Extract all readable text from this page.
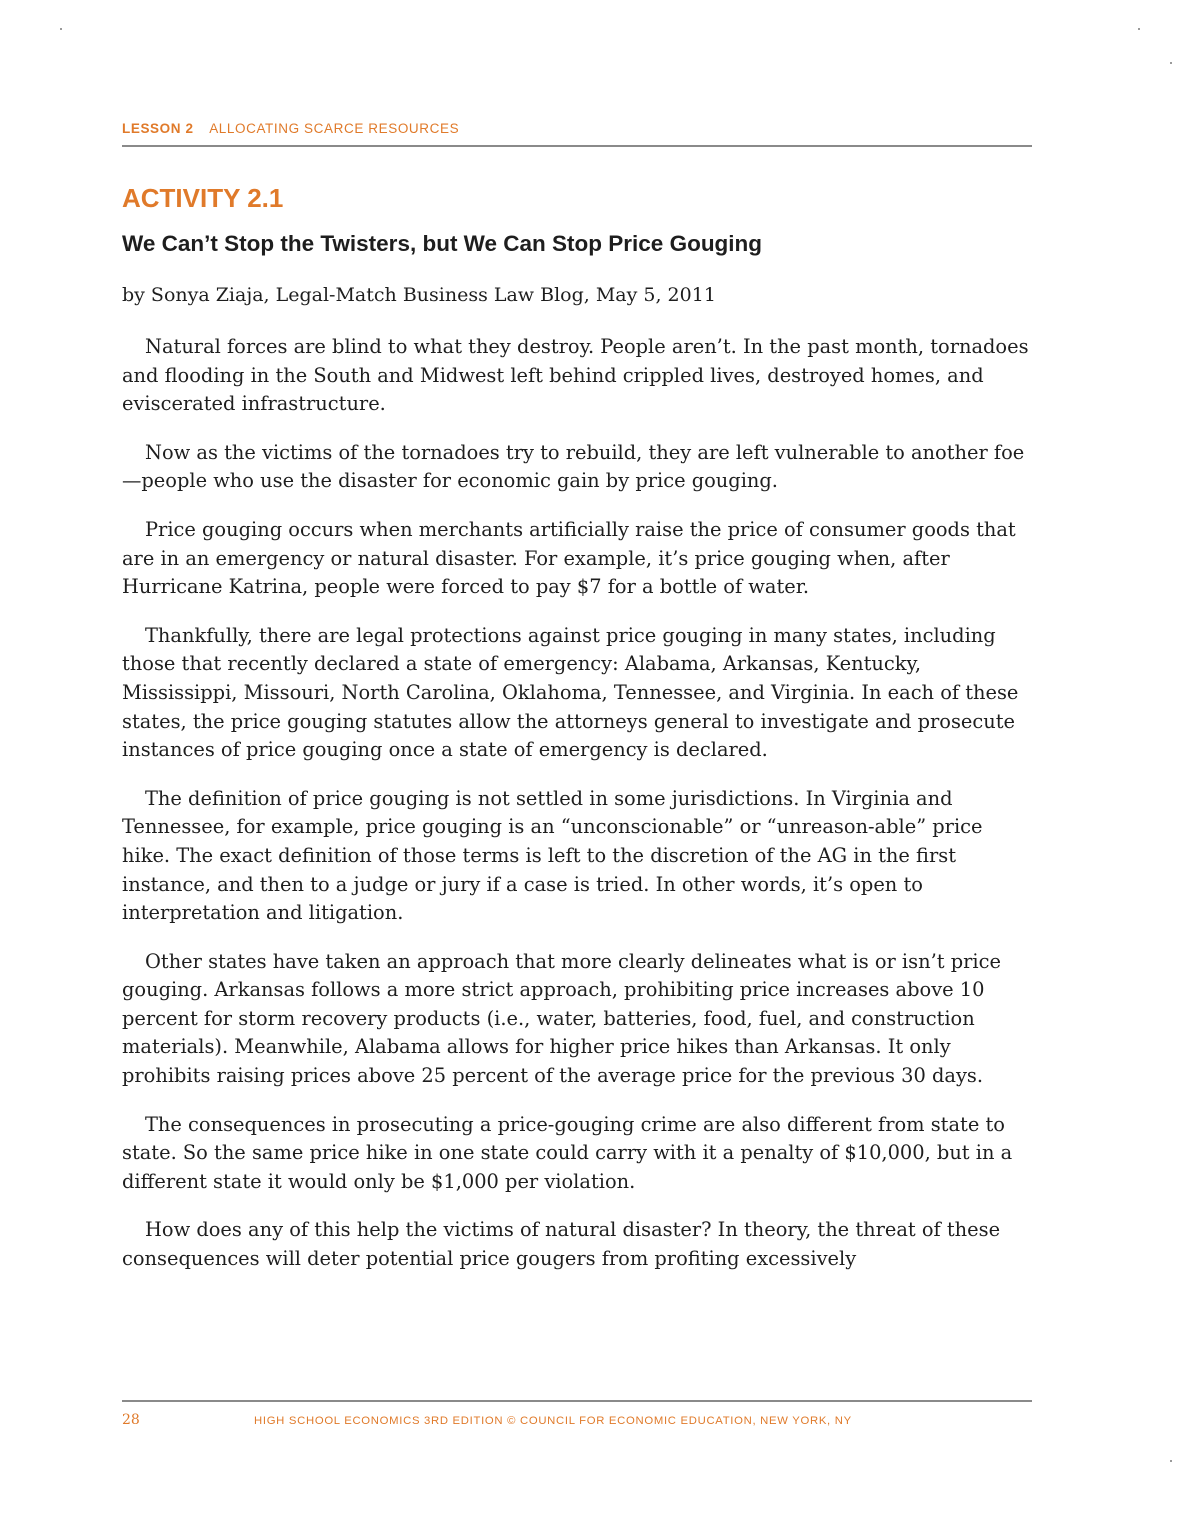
LESSON 2 ALLOCATING SCARCE RESOURCES
ACTIVITY 2.1
We Can’t Stop the Twisters, but We Can Stop Price Gouging
by Sonya Ziaja, Legal-Match Business Law Blog, May 5, 2011

Natural forces are blind to what they destroy. People aren’t. In the past month, tornadoes and flooding in the South and Midwest left behind crippled lives, destroyed homes, and eviscerated infrastructure.

Now as the victims of the tornadoes try to rebuild, they are left vulnerable to another foe—people who use the disaster for economic gain by price gouging.

Price gouging occurs when merchants artificially raise the price of consumer goods that are in an emergency or natural disaster. For example, it’s price gouging when, after Hurricane Katrina, people were forced to pay $7 for a bottle of water.

Thankfully, there are legal protections against price gouging in many states, including those that recently declared a state of emergency: Alabama, Arkansas, Kentucky, Mississippi, Missouri, North Carolina, Oklahoma, Tennessee, and Virginia. In each of these states, the price gouging statutes allow the attorneys general to investigate and prosecute instances of price gouging once a state of emergency is declared.

The definition of price gouging is not settled in some jurisdictions. In Virginia and Tennessee, for example, price gouging is an “unconscionable” or “unreason-able” price hike. The exact definition of those terms is left to the discretion of the AG in the first instance, and then to a judge or jury if a case is tried. In other words, it’s open to interpretation and litigation.

Other states have taken an approach that more clearly delineates what is or isn’t price gouging. Arkansas follows a more strict approach, prohibiting price increases above 10 percent for storm recovery products (i.e., water, batteries, food, fuel, and construction materials). Meanwhile, Alabama allows for higher price hikes than Arkansas. It only prohibits raising prices above 25 percent of the average price for the previous 30 days.

The consequences in prosecuting a price-gouging crime are also different from state to state. So the same price hike in one state could carry with it a penalty of $10,000, but in a different state it would only be $1,000 per violation.

How does any of this help the victims of natural disaster? In theory, the threat of these consequences will deter potential price gougers from profiting excessively

28	HIGH SCHOOL ECONOMICS 3RD EDITION © COUNCIL FOR ECONOMIC EDUCATION, NEW YORK, NY
